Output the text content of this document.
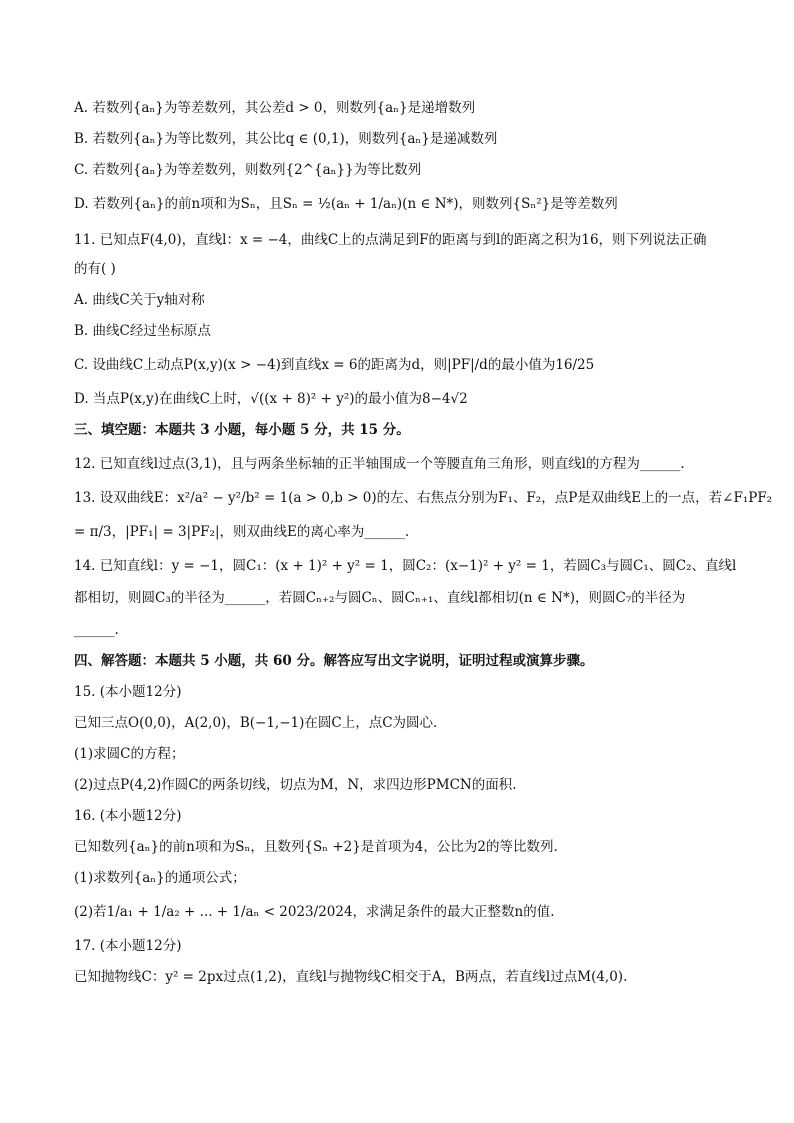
A. 若数列{aₙ}为等差数列，其公差d > 0，则数列{aₙ}是递增数列
B. 若数列{aₙ}为等比数列，其公比q ∈ (0,1)，则数列{aₙ}是递减数列
C. 若数列{aₙ}为等差数列，则数列{2^{aₙ}}为等比数列
D. 若数列{aₙ}的前n项和为Sₙ，且Sₙ = ½(aₙ + 1/aₙ)(n ∈ N*)，则数列{Sₙ²}是等差数列
11. 已知点F(4,0)，直线l：x = −4，曲线C上的点满足到F的距离与到l的距离之积为16，则下列说法正确
的有( )
A. 曲线C关于y轴对称
B. 曲线C经过坐标原点
C. 设曲线C上动点P(x,y)(x > −4)到直线x = 6的距离为d，则|PF|/d的最小值为16/25
D. 当点P(x,y)在曲线C上时，√((x + 8)² + y²)的最小值为8−4√2
三、填空题：本题共 3 小题，每小题 5 分，共 15 分。
12. 已知直线l过点(3,1)，且与两条坐标轴的正半轴围成一个等腰直角三角形，则直线l的方程为______.
13. 设双曲线E：x²/a² − y²/b² = 1(a > 0,b > 0)的左、右焦点分别为F₁、F₂，点P是双曲线E上的一点，若∠F₁PF₂
= π/3，|PF₁| = 3|PF₂|，则双曲线E的离心率为______.
14. 已知直线l：y = −1，圆C₁：(x + 1)² + y² = 1，圆C₂：(x−1)² + y² = 1，若圆C₃与圆C₁、圆C₂、直线l
都相切，则圆C₃的半径为______，若圆Cₙ₊₂与圆Cₙ、圆Cₙ₊₁、直线l都相切(n ∈ N*)，则圆C₇的半径为
______.
四、解答题：本题共 5 小题，共 60 分。解答应写出文字说明，证明过程或演算步骤。
15. (本小题12分)
已知三点O(0,0)，A(2,0)，B(−1,−1)在圆C上，点C为圆心.
(1)求圆C的方程；
(2)过点P(4,2)作圆C的两条切线，切点为M，N，求四边形PMCN的面积.
16. (本小题12分)
已知数列{aₙ}的前n项和为Sₙ，且数列{Sₙ +2}是首项为4，公比为2的等比数列.
(1)求数列{aₙ}的通项公式；
(2)若1/a₁ + 1/a₂ + ... + 1/aₙ < 2023/2024，求满足条件的最大正整数n的值.
17. (本小题12分)
已知抛物线C：y² = 2px过点(1,2)，直线l与抛物线C相交于A，B两点，若直线l过点M(4,0).
